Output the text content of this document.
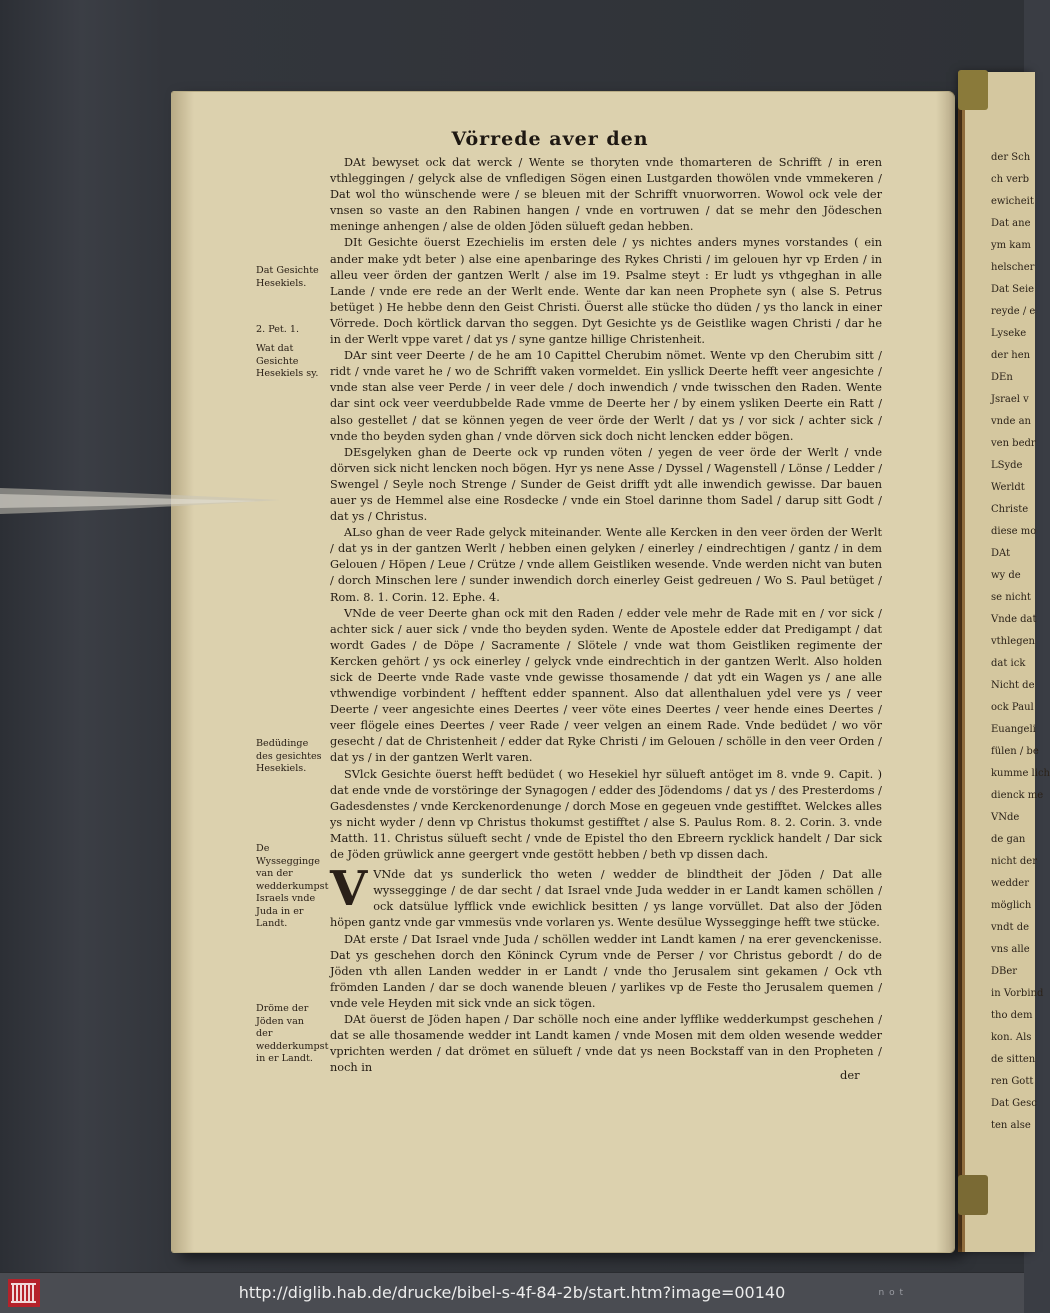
der Sch
ch verb
ewicheit
Dat ane
ym kam
helscher
Dat Seie
reyde / e
Lyseke
der hen
DEn
Jsrael v
vnde an
ven bedr
LSyde
Werldt
Christe
diese mo
DAt
wy de
se nicht
Vnde dat
vthlegen
dat ick
Nicht de
ock Paul
Euangeli
fülen / be
kumme lich
dienck me
VNde
de gan
nicht der
wedder
möglich
vndt de
vns alle
DBer
in Vorbind
tho dem
kon. Als
de sitten
ren Gott
Dat Gesc
ten alse
Vörrede aver den

DAt bewyset ock dat werck / Wente se thoryten vnde thomarteren de Schrifft / in eren vthleggingen / gelyck alse de vnfledigen Sögen einen Lustgarden thowölen vnde vmmekeren / Dat wol tho wünschende were / se bleuen mit der Schrifft vnuorworren. Wowol ock vele der vnsen so vaste an den Rabinen hangen / vnde en vortruwen / dat se mehr den Jödeschen meninge anhengen / alse de olden Jöden sülueft gedan hebben.

DIt Gesichte öuerst Ezechielis im ersten dele / ys nichtes anders mynes vorstandes ( ein ander make ydt beter ) alse eine apenbaringe des Rykes Christi / im gelouen hyr vp Erden / in alleu veer örden der gantzen Werlt / alse im 19. Psalme steyt : Er ludt ys vthgeghan in alle Lande / vnde ere rede an der Werlt ende. Wente dar kan neen Prophete syn ( alse S. Petrus betüget ) He hebbe denn den Geist Christi. Öuerst alle stücke tho düden / ys tho lanck in einer Vörrede. Doch körtlick darvan tho seggen. Dyt Gesichte ys de Geistlike wagen Christi / dar he in der Werlt vppe varet / dat ys / syne gantze hillige Christenheit.

DAr sint veer Deerte / de he am 10 Capittel Cherubim nömet. Wente vp den Cherubim sitt / ridt / vnde varet he / wo de Schrifft vaken vormeldet. Ein ysllick Deerte hefft veer angesichte / vnde stan alse veer Perde / in veer dele / doch inwendich / vnde twisschen den Raden. Wente dar sint ock veer veerdubbelde Rade vmme de Deerte her / by einem ysliken Deerte ein Ratt / also gestellet / dat se können yegen de veer örde der Werlt / dat ys / vor sick / achter sick / vnde tho beyden syden ghan / vnde dörven sick doch nicht lencken edder bögen.

DEsgelyken ghan de Deerte ock vp runden vöten / yegen de veer örde der Werlt / vnde dörven sick nicht lencken noch bögen. Hyr ys nene Asse / Dyssel / Wagenstell / Lönse / Ledder / Swengel / Seyle noch Strenge / Sunder de Geist drifft ydt alle inwendich gewisse. Dar bauen auer ys de Hemmel alse eine Rosdecke / vnde ein Stoel darinne thom Sadel / darup sitt Godt / dat ys / Christus.

ALso ghan de veer Rade gelyck miteinander. Wente alle Kercken in den veer örden der Werlt / dat ys in der gantzen Werlt / hebben einen gelyken / einerley / eindrechtigen / gantz / in dem Gelouen / Höpen / Leue / Crütze / vnde allem Geistliken wesende. Vnde werden nicht van buten / dorch Minschen lere / sunder inwendich dorch einerley Geist gedreuen / Wo S. Paul betüget / Rom. 8. 1. Corin. 12. Ephe. 4.

VNde de veer Deerte ghan ock mit den Raden / edder vele mehr de Rade mit en / vor sick / achter sick / auer sick / vnde tho beyden syden. Wente de Apostele edder dat Predigampt / dat wordt Gades / de Döpe / Sacramente / Slötele / vnde wat thom Geistliken regimente der Kercken gehört / ys ock einerley / gelyck vnde eindrechtich in der gantzen Werlt. Also holden sick de Deerte vnde Rade vaste vnde gewisse thosamende / dat ydt ein Wagen ys / ane alle vthwendige vorbindent / hefftent edder spannent. Also dat allenthaluen ydel vere ys / veer Deerte / veer angesichte eines Deertes / veer vöte eines Deertes / veer hende eines Deertes / veer flögele eines Deertes / veer Rade / veer velgen an einem Rade. Vnde bedüdet / wo vör gesecht / dat de Christenheit / edder dat Ryke Christi / im Gelouen / schölle in den veer Orden / dat ys / in der gantzen Werlt varen.

SVlck Gesichte öuerst hefft bedüdet ( wo Hesekiel hyr sülueft antöget im 8. vnde 9. Capit. ) dat ende vnde de vorstöringe der Synagogen / edder des Jödendoms / dat ys / des Presterdoms / Gadesdenstes / vnde Kerckenordenunge / dorch Mose en gegeuen vnde gestifftet. Welckes alles ys nicht wyder / denn vp Christus thokumst gestifftet / alse S. Paulus Rom. 8. 2. Corin. 3. vnde Matth. 11. Christus sülueft secht / vnde de Epistel tho den Ebreern rycklick handelt / Dar sick de Jöden grüwlick anne geergert vnde gestött hebben / beth vp dissen dach.

V VNde dat ys sunderlick tho weten / wedder de blindtheit der Jöden / Dat alle wyssegginge / de dar secht / dat Israel vnde Juda wedder in er Landt kamen schöllen / ock datsülue lyfflick vnde ewichlick besitten / ys lange vorvüllet. Dat also der Jöden höpen gantz vnde gar vmmesüs vnde vorlaren ys. Wente desülue Wyssegginge hefft twe stücke.

DAt erste / Dat Israel vnde Juda / schöllen wedder int Landt kamen / na erer gevenckenisse. Dat ys geschehen dorch den Köninck Cyrum vnde de Perser / vor Christus gebordt / do de Jöden vth allen Landen wedder in er Landt / vnde tho Jerusalem sint gekamen / Ock vth frömden Landen / dar se doch wanende bleuen / yarlikes vp de Feste tho Jerusalem quemen / vnde vele Heyden mit sick vnde an sick tögen.

DAt öuerst de Jöden hapen / Dar schölle noch eine ander lyfflike wedderkumpst geschehen / dat se alle thosamende wedder int Landt kamen / vnde Mosen mit dem olden wesende wedder vprichten werden / dat drömet en sülueft / vnde dat ys neen Bockstaff van in den Propheten / noch in

der
Dat Gesichte Hesekiels.
2. Pet. 1.
Wat dat Gesichte Hesekiels sy.
Bedüdinge des gesichtes Hesekiels.
De Wyssegginge van der wedderkumpst Israels vnde Juda in er Landt.
Dröme der Jöden van der wedderkumpst in er Landt.
http://diglib.hab.de/drucke/bibel-s-4f-84-2b/start.htm?image=00140	n o t
